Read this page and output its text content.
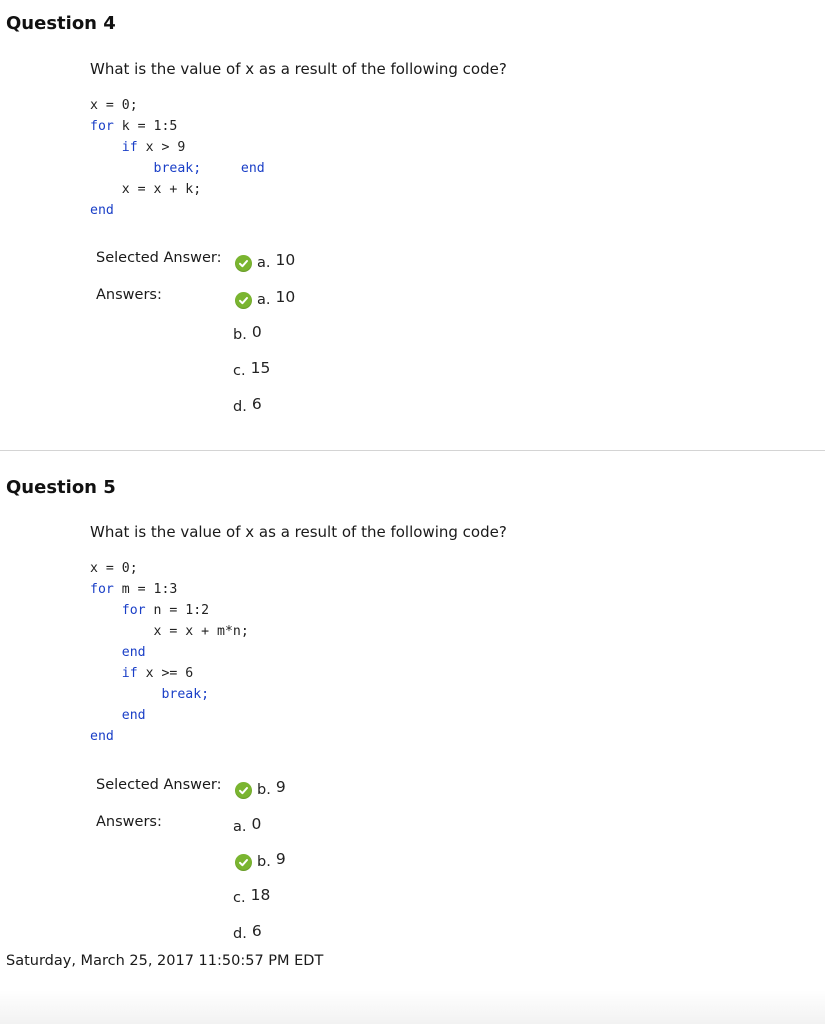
Question 4
What is the value of x as a result of the following code?
x = 0;
for k = 1:5
if x > 9
break;	end
x = x + k;
end
Selected Answer: a. 10
Answers:	a. 10
b. 0
c. 15
d. 6
Question 5
What is the value of x as a result of the following code?
x = 0;
for m = 1:3
for n = 1:2
x = x + m*n;
end
if x >= 6
break;
end
end
Selected Answer: b. 9
Answers:	a. 0
b. 9
c. 18
d. 6
Saturday, March 25, 2017 11:50:57 PM EDT
